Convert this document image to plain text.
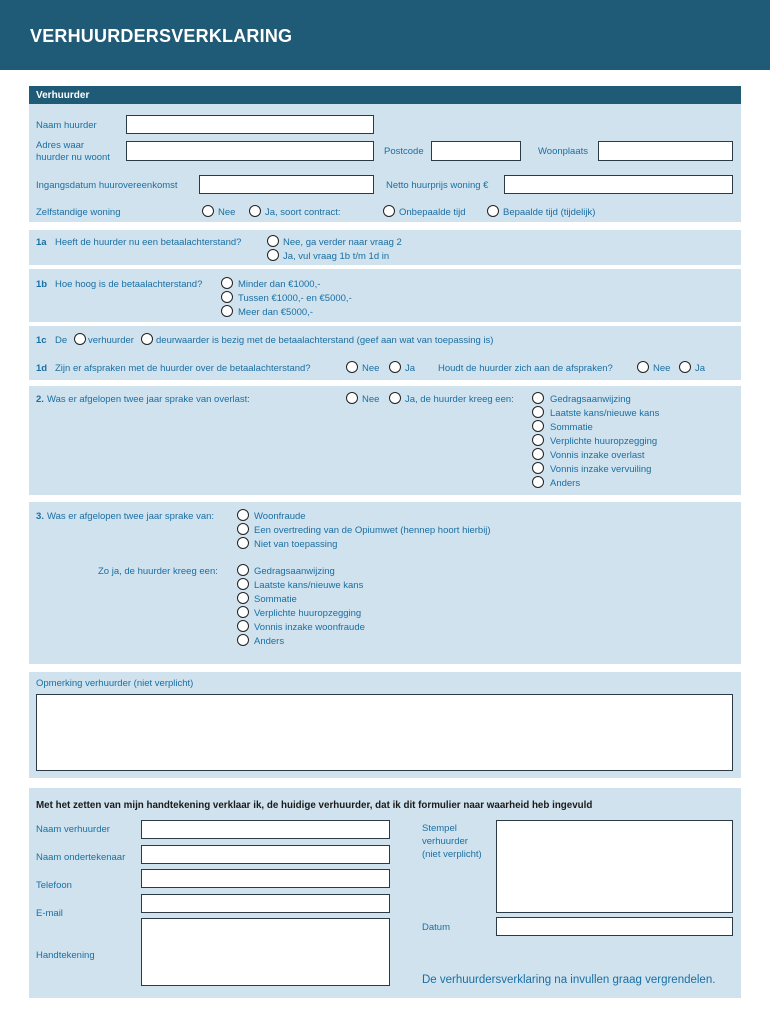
VERHUURDERSVERKLARING
Verhuurder
Naam huurder
Adres waar
huurder nu woont
Postcode	Woonplaats
Ingangsdatum huurovereenkomst	Netto huurprijs woning €
Zelfstandige woning	Nee	Ja, soort contract:	Onbepaalde tijd	Bepaalde tijd (tijdelijk)
1a Heeft de huurder nu een betaalachterstand?	Nee, ga verder naar vraag 2
Ja, vul vraag 1b t/m 1d in
1b Hoe hoog is de betaalachterstand?	Minder dan €1000,-
Tussen €1000,- en €5000,-
Meer dan €5000,-
1c De verhuurder deurwaarder is bezig met de betaalachterstand (geef aan wat van toepassing is)
1d Zijn er afspraken met de huurder over de betaalachterstand?	Nee	Ja Houdt de huurder zich aan de afspraken?	Nee	Ja
2. Was er afgelopen twee jaar sprake van overlast:	Nee	Ja, de huurder kreeg een:	Gedragsaanwijzing
Laatste kans/nieuwe kans
Sommatie
Verplichte huuropzegging
Vonnis inzake overlast
Vonnis inzake vervuiling
Anders
3. Was er afgelopen twee jaar sprake van:	Woonfraude
Een overtreding van de Opiumwet (hennep hoort hierbij)
Niet van toepassing
Zo ja, de huurder kreeg een:	Gedragsaanwijzing
Laatste kans/nieuwe kans
Sommatie
Verplichte huuropzegging
Vonnis inzake woonfraude
Anders
Opmerking verhuurder (niet verplicht)
Met het zetten van mijn handtekening verklaar ik, de huidige verhuurder, dat ik dit formulier naar waarheid heb ingevuld
Naam verhuurder
Naam ondertekenaar
Telefoon
E-mail
Handtekening
Stempel
verhuurder
(niet verplicht)
Datum
De verhuurdersverklaring na invullen graag vergrendelen.
